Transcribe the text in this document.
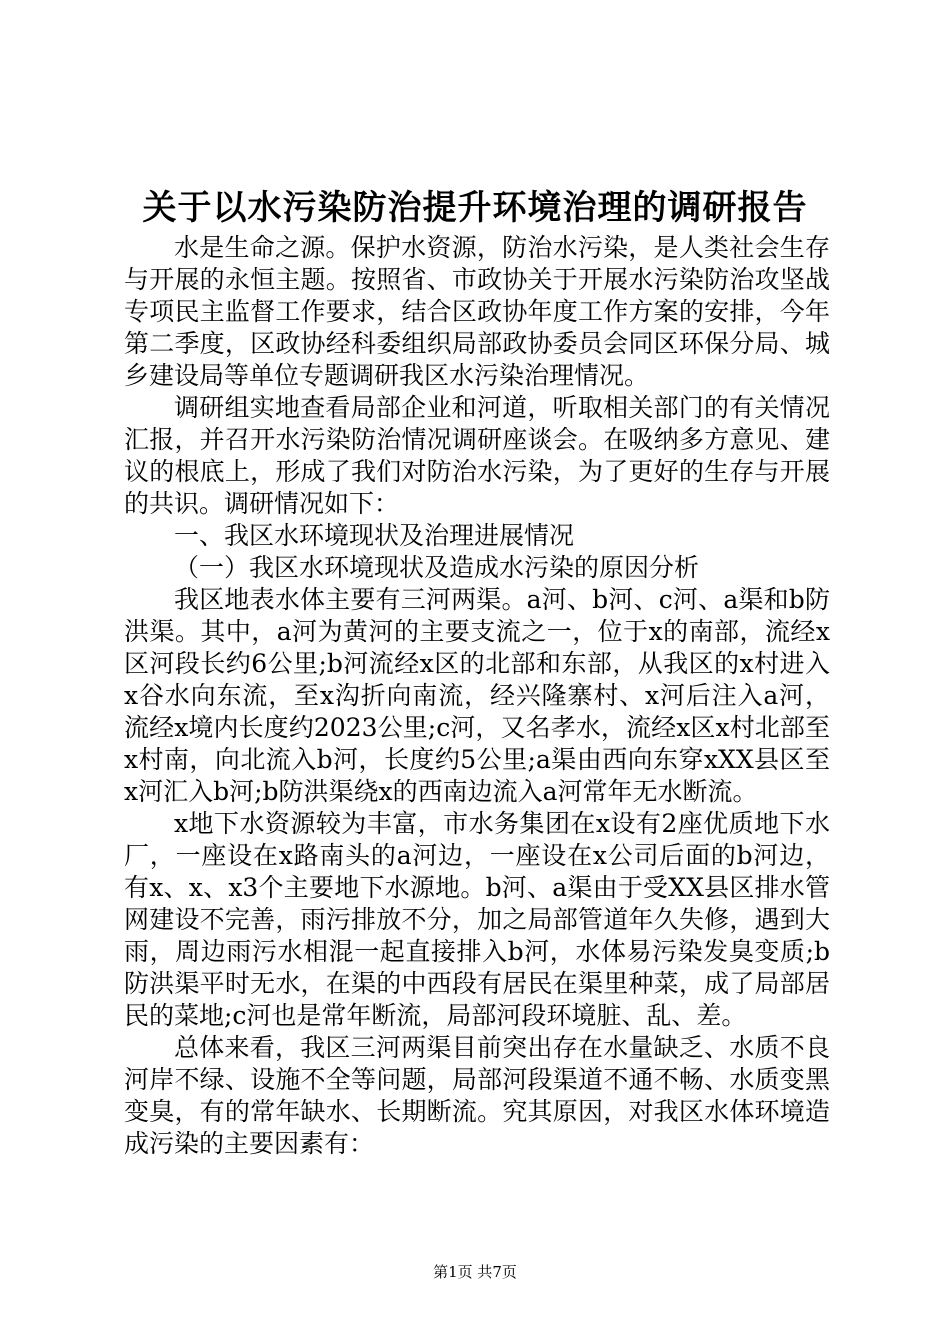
关于以水污染防治提升环境治理的调研报告

水是生命之源。保护水资源，防治水污染，是人类社会生存与开展的永恒主题。按照省、市政协关于开展水污染防治攻坚战专项民主监督工作要求，结合区政协年度工作方案的安排，今年第二季度，区政协经科委组织局部政协委员会同区环保分局、城乡建设局等单位专题调研我区水污染治理情况。

调研组实地查看局部企业和河道，听取相关部门的有关情况汇报，并召开水污染防治情况调研座谈会。在吸纳多方意见、建议的根底上，形成了我们对防治水污染，为了更好的生存与开展的共识。调研情况如下：

一、我区水环境现状及治理进展情况

（一）我区水环境现状及造成水污染的原因分析

我区地表水体主要有三河两渠。a河、b河、c河、a渠和b防洪渠。其中，a河为黄河的主要支流之一，位于x的南部，流经x区河段长约6公里;b河流经x区的北部和东部，从我区的x村进入x谷水向东流，至x沟折向南流，经兴隆寨村、x河后注入a河，流经x境内长度约2023公里;c河，又名孝水，流经x区x村北部至x村南，向北流入b河，长度约5公里;a渠由西向东穿xXX县区至x河汇入b河;b防洪渠绕x的西南边流入a河常年无水断流。

x地下水资源较为丰富，市水务集团在x设有2座优质地下水厂，一座设在x路南头的a河边，一座设在x公司后面的b河边，有x、x、x3个主要地下水源地。b河、a渠由于受XX县区排水管网建设不完善，雨污排放不分，加之局部管道年久失修，遇到大雨，周边雨污水相混一起直接排入b河，水体易污染发臭变质;b防洪渠平时无水，在渠的中西段有居民在渠里种菜，成了局部居民的菜地;c河也是常年断流，局部河段环境脏、乱、差。

总体来看，我区三河两渠目前突出存在水量缺乏、水质不良河岸不绿、设施不全等问题，局部河段渠道不通不畅、水质变黑变臭，有的常年缺水、长期断流。究其原因，对我区水体环境造成污染的主要因素有：

第1页 共7页
